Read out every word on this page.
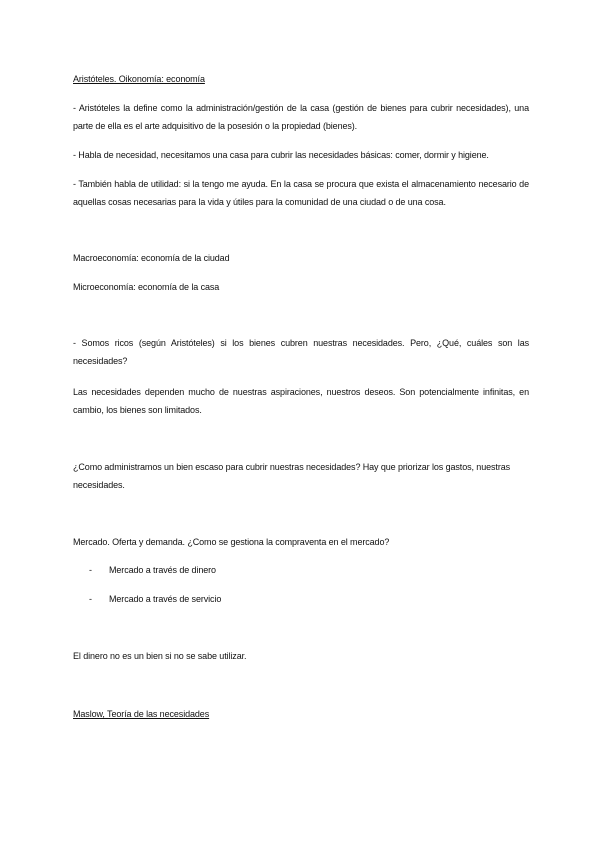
Aristóteles. Oikonomía: economía
- Aristóteles la define como la administración/gestión de la casa (gestión de bienes para cubrir necesidades), una parte de ella es el arte adquisitivo de la posesión o la propiedad (bienes).
- Habla de necesidad, necesitamos una casa para cubrir las necesidades básicas: comer, dormir y higiene.
- También habla de utilidad: si la tengo me ayuda. En la casa se procura que exista el almacenamiento necesario de aquellas cosas necesarias para la vida y útiles para la comunidad de una ciudad o de una cosa.
Macroeconomía: economía de la ciudad
Microeconomía: economía de la casa
- Somos ricos (según Aristóteles) si los bienes cubren nuestras necesidades. Pero, ¿Qué, cuáles son las necesidades?
Las necesidades dependen mucho de nuestras aspiraciones, nuestros deseos. Son potencialmente infinitas, en cambio, los bienes son limitados.
¿Como administramos un bien escaso para cubrir nuestras necesidades? Hay que priorizar los gastos, nuestras necesidades.
Mercado. Oferta y demanda. ¿Como se gestiona la compraventa en el mercado?
- Mercado a través de dinero
- Mercado a través de servicio
El dinero no es un bien si no se sabe utilizar.
Maslow, Teoría de las necesidades
